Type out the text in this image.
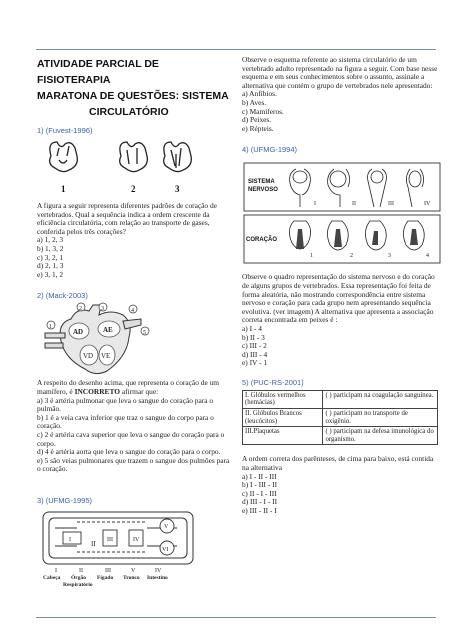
ATIVIDADE PARCIAL DE FISIOTERAPIA
MARATONA DE QUESTÕES: SISTEMA

CIRCULATÓRIO
1) (Fuvest-1996)
1	2	3
A figura a seguir representa diferentes padrões de coração de vertebrados. Qual a sequência indica a ordem crescente da eficiência circulatória, com relação ao transporte de gases, conferida pelos três corações?
a) 1, 2, 3
b) 1, 3, 2
c) 3, 2, 1
d) 2, 1, 3
e) 3, 1, 2
2) (Mack-2003)
AD	AE
VD VE
1
2	3	4
5
A respeito do desenho acima, que representa o coração de um mamífero, é INCORRETO afirmar que:
a) 3 é artéria pulmonar que leva o sangue do coração para o pulmão.
b) 1 é a veia cava inferior que traz o sangue do corpo para o coração.
c) 2 é artéria cava superior que leva o sangue do coração para o corpo.
d) 4 é artéria aorta que leva o sangue do coração para o corpo.
e) 5 são veias pulmonares que trazem o sangue dos pulmões para o coração.
3) (UFMG-1995)
I	II III	IV
V
VI
I	II	III	V	IV
Cabeça Órgão Fígado Tronco Intestino
Respiratório
Observe o esquema referente ao sistema circulatório de um vertebrado adulto representado na figura a seguir. Com base nesse esquema e em seus conhecimentos sobre o assunto, assinale a alternativa que contém o grupo de vertebrados nele apresentado:
a) Anfíbios.
b) Aves.
c) Mamíferos.
d) Peixes.
e) Répteis.
4) (UFMG-1994)
SISTEMA
NERVOSO
CORAÇÃO
I	II	III	IV
1	2	3	4
Observe o quadro representação do sistema nervoso e do coração de alguns grupos de vertebrados. Essa representação foi feita de forma aleatória, não mostrando correspondência entre sistema nervoso e coração para cada grupo nem apresentando sequência evolutiva. (ver imagem) A alternativa que apresenta a associação correta encontrada em peixes é :
a) I - 4
b) II - 3
c) III - 2
d) III - 4
e) IV - 1
5) (PUC-RS-2001)
I. Glóbulos vermelhos (hemácias)	( ) participam na coagulação sanguínea.
II. Glóbulos Brancos (leucócitos)	( ) participam no transporte de oxigênio.
III.Plaquetas	( ) participam na defesa imunológica do organismo.
A ordem correta dos parênteses, de cima para baixo, está contida na alternativa
a) I - II - III
b) I - III - II
c) II - I - III
d) III - I - II
e) III - II - I
